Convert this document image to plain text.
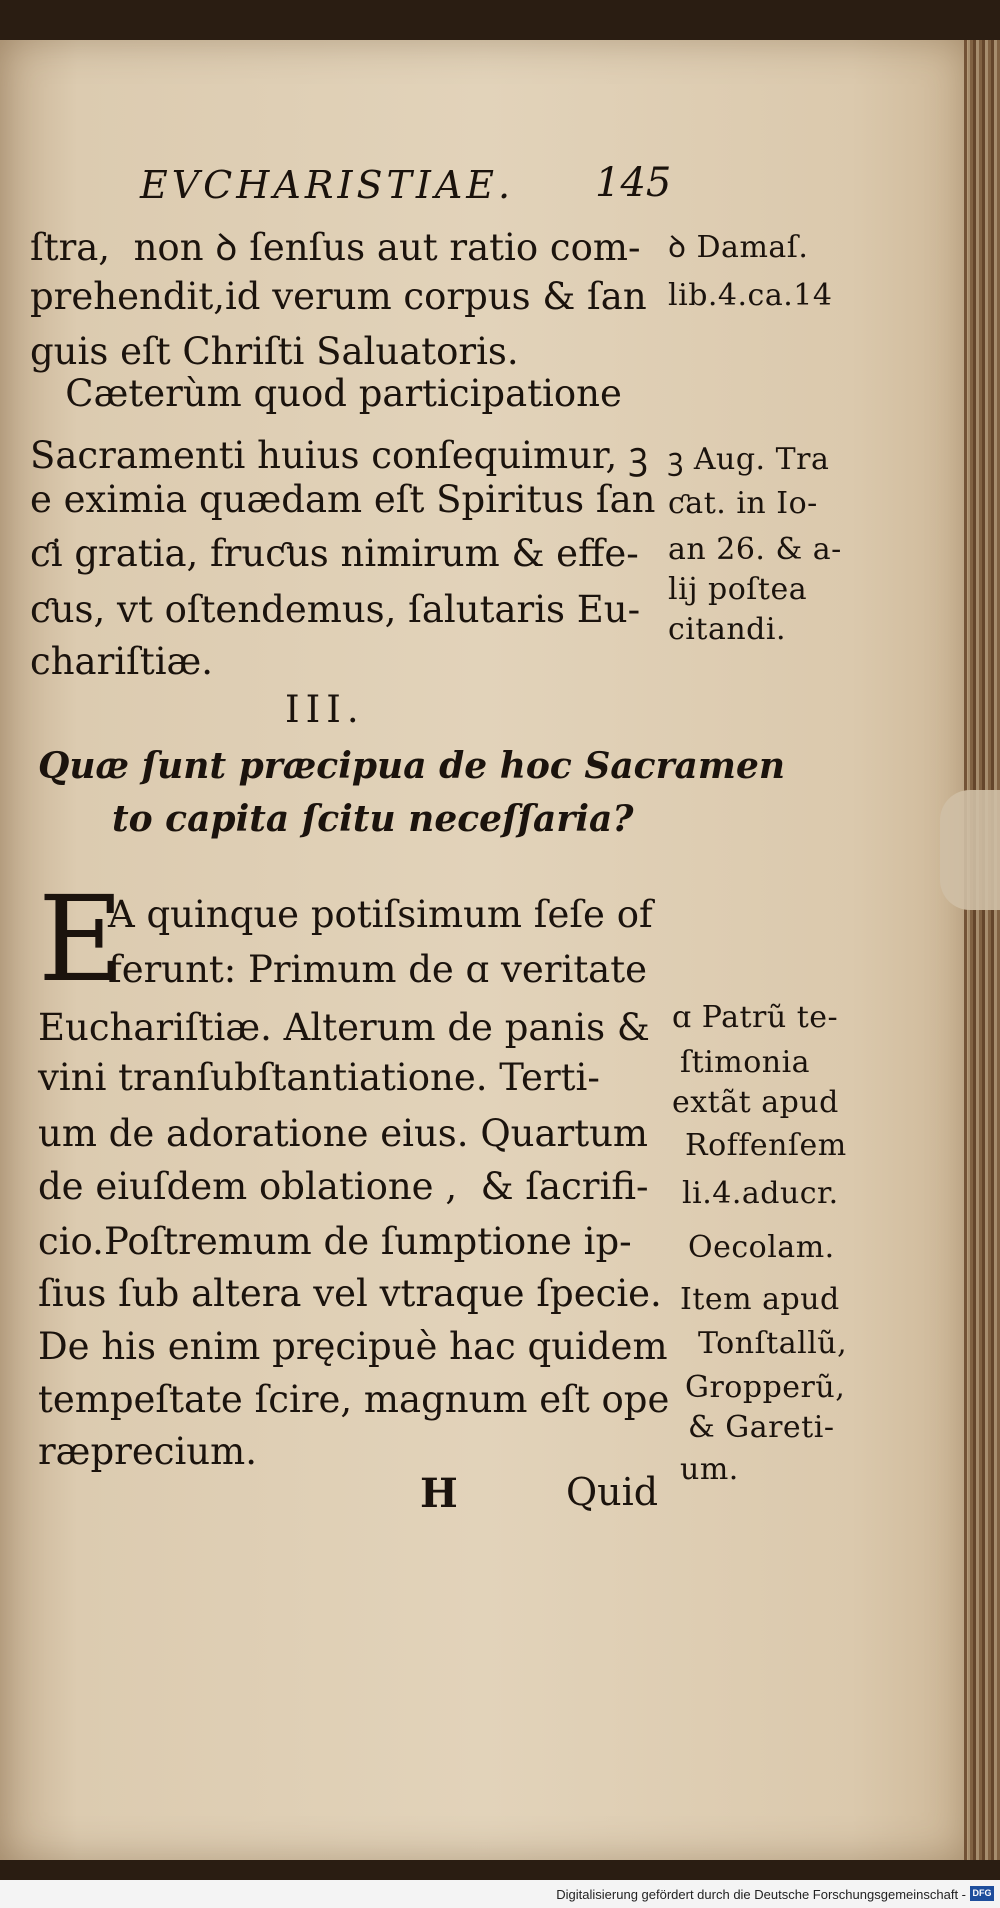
EVCHARISTIAE. 145
ſtra,  non ꝺ ſenſus aut ratio com-
prehendit,id verum corpus & ſan
guis eſt Chriſti Saluatoris.
Cæterùm quod participatione
Sacramenti huius conſequimur, ꝫ
e eximia quædam eſt Spiritus ſan
ƈi gratia, fruƈus nimirum & effe-
ƈus, vt oſtendemus, ſalutaris Eu-
chariſtiæ.
ꝺ Damaſ.
lib.4.ca.14
ꝫ Aug. Tra
ƈat. in Io-
an 26. & a-
lij poſtea
citandi.
III.
Quæ ſunt præcipua de hoc Sacramen
to capita ſcitu neceſſaria?
E
A quinque potiſsimum ſeſe of
ferunt: Primum de ɑ veritate
Euchariſtiæ. Alterum de panis &
vini tranſubſtantiatione. Terti-
um de adoratione eius. Quartum
de eiuſdem oblatione ,  & ſacrifi-
cio.Poſtremum de ſumptione ip-
ſius ſub altera vel vtraque ſpecie.
De his enim pręcipuè hac quidem
tempeſtate ſcire, magnum eſt ope
ræprecium.
ɑ Patrũ te-
ſtimonia
extãt apud
Roffenſem
li.4.aducr.
Oecolam.
Item apud
Tonſtallũ,
Gropperũ,
& Gareti-
um.
H	Quid
Digitalisierung gefördert durch die Deutsche Forschungsgemeinschaft - DFG
